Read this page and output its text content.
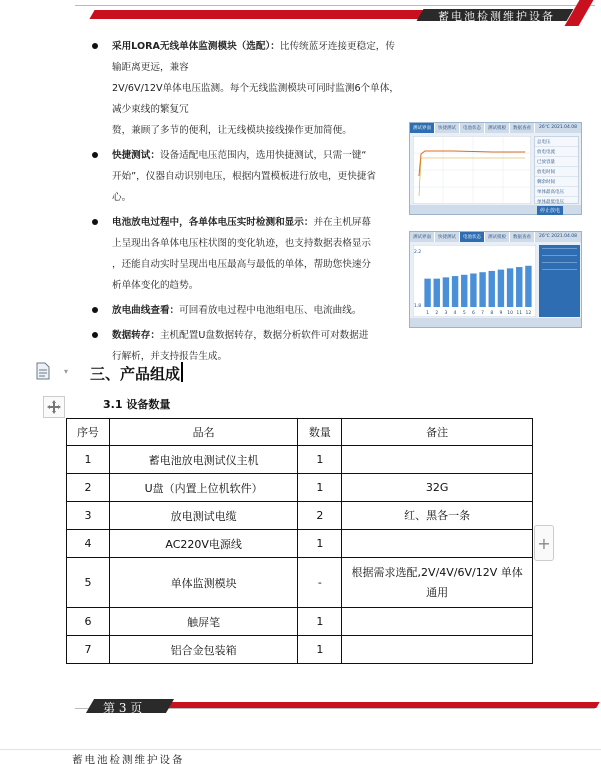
蓄电池检测维护设备
采用LORA无线单体监测模块（选配）：比传统蓝牙连接更稳定，传输距离更远，兼容
2V/6V/12V单体电压监测。每个无线监测模块可同时监测6个单体，减少束线的繁复冗
赘，兼顾了多节的便利，让无线模块接线操作更加简便。
快捷测试：设备适配电压范围内，选用快捷测试，只需一键“
开始”，仪器自动识别电压，根据内置模板进行放电，更快捷省
心。
电池放电过程中，各单体电压实时检测和显示：并在主机屏幕
上呈现出各单体电压柱状图的变化轨迹，也支持数据表格显示
，还能自动实时呈现出电压最高与最低的单体，帮助您快速分
析单体变化的趋势。
放电曲线查看：可回看放电过程中电池组电压、电流曲线。
数据转存：主机配置U盘数据转存，数据分析软件可对数据进
行解析，并支持报告生成。
测试界面	快捷测试	电池状态	测试模板	数据查看	26℃ 2021.04.08
总电压
放电电流
已放容量
放电时间
剩余时间
单体最高电压
单体最低电压
停止放电
测试界面	快捷测试	电池状态	测试模板	数据查看	26℃ 2021.04.08
1 2 3 4 5 6 7 8 9 10 11 12
2.2
1.8
▾ 三、产品组成
3.1 设备数量
序号	品名	数量	备注
1	蓄电池放电测试仪主机	1	
2	U盘（内置上位机软件）	1	32G
3	放电测试电缆	2	红、黑各一条
4	AC220V电源线	1	
5	单体监测模块	-	根据需求选配,2V/4V/6V/12V 单体通用
6	触屏笔	1	
7	铝合金包装箱	1	
+
第 3 页
蓄电池检测维护设备
